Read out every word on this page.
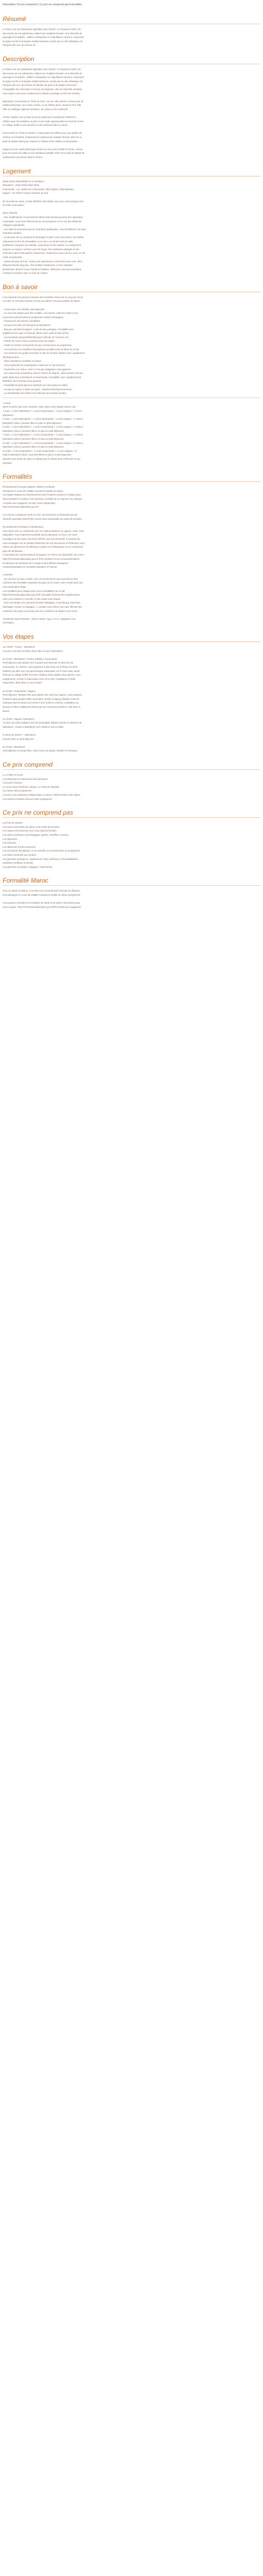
Description Ce prix comprend / Ce prix ne comprend pas Formalités
Résumé
Le Maroc est une destination agréable toute l'année. Le Royaume invite à la
découverte de son patrimoine culturel aux multiples facettes. Une diversité de
paysages incroyables : vallées verdoyantes et magnifiques canyons composent
la région du Rif et la façade méditerranéenne, tandis que la côte atlantique est
marquée par une succession de ...
Description
Le Maroc est une destination agréable toute l'année. Le Royaume invite à la
découverte de son patrimoine culturel aux multiples facettes. Une diversité de
paysages incroyables : vallées verdoyantes et magnifiques canyons composent
la région du Rif et la façade méditerranéenne, tandis que la côte atlantique est
marquée par une succession de falaises de grès et de plages immenses.
L'hospitalité des marocains n'est pas une légende, elle est culturelle, pendant
votre séjour vous serez certainement sollicité à partager un thé à la menthe.
Marrakech, surnommée la "Perle du Sud", est une ville animée connue pour sa
médina historique, ses souks colorés, et sa célèbre place Jemaa el-Fna. Elle
offre un mélange captivant d'histoire, de culture et de modernité.
Aït Ben Haddou est un ksar inscrit au patrimoine mondial de l'UNESCO,
célèbre pour ses kasbahs en pisé et son cadre spectaculaire au bord de l'oued.
Ce village fortifié a servi de décor à de nombreux films et séries.
Surnommée la "Porte du Désert", Ouarzazate est célèbre pour ses studios de
cinéma et sa kasbah, notamment la majestueuse Kasbah Taourirt. Elle est un
point de départ idéal pour explorer le Sahara et les vallées environnantes.
Zagora est une oasis pittoresque située au coeur de la vallée du Draa, connue
pour ses dunes de sable et son ambiance paisible. Elle est le point de départ de
nombreuses excursions dans le désert.
Logement
Riads (selon disponibilité et ou similaire) :
Marrakech : Riad Arabia Riad Tarka
Ouarzazate : Les Jardins de Ouarzazate, hôtel Zaghro, Riad Bankara
Zagora : Tizi Désert Camp Caravane du sud
En tout état de cause, la liste définitive des hôtels vous sera communiquée lors
de votre convocation.
INFO VERITÉ
- Des modifications concernant les hôtels sélectionnés peuvent être apportées.
Cependant, nous nous efforcerons de vous proposer en ce cas des hôtels de
catégorie équivalente.
- Les riads ne proposent pas de chambres quadruples, vous bénéficierez de deux
chambres doubles.
- Le bivouac est un campement aménagé en plein coeur des dunes, accessible
uniquement à dos de dromadaire ou en 4x4. Les tentes sont de style
traditionnel, équipées de matelas, couvertures et lits simples. Le campement
propose un espace commun pour les repas, des sanitaires partagés et une
immersion dans l'atmosphère saharienne, notamment autour du feu, sous un ciel
étoilé exceptionnel.
- Option bivouac de luxe : tentes plus spacieuses et décorées avec soin, elles
disposent de lits king size, d'un mobilier traditionnel, et d'un sanitaire
privatif avec douche à eau chaude et toilettes. Idéal pour ceux qui souhaitent
combiner l'aventure avec un luxe de confort.
Bon à savoir
Il est important de penser à acheter des bouteilles d'eau tout au long du circuit,
car elles ne sont pas incluses et l'eau du robinet n'est pas potable au Maroc.
- Circuit avec une clientèle internationale.
- Le sens des étapes peut être modifié, voir inversé, mais les visites et les
excursions prévues dans le programme restent inchangées.
- Chaussures de marche conseillées.
- Accueil à la sortie de l'aéroport de Marrakech.
- Bivouac standard à Zagora : suite de lune partagée. Possibilité avec
supplément de loger en bivouac deluxe avec salle de bain privée.
- Les transferts aéroport/hôtel/aéroport véhicule de Tourisme A/C.
- Prévoir de l'eau et de la nourriture pour les trajets.
- Visites et entrées monuments tel que mentionnées au programme.
- Les services d'un chauffeur francophone pendant toute la durée du circuit.
- Les services d'un guide local dans la ville de Aït Ben Haddou avec supplément :
3EUR/personne.
- Notre assistance complète sur place.
- Circuit garantie de 2 participants, maximum 17 par mini-bus.
- Pourboires non inclus, celui-ci n'est pas obligatoire mais apprécié.
- Les repas selon programme dans le désert de Zagora : demi-pension incluse,
petits déjeuners à Marrakech et Ouarzazate. Possibilité, avec supplément de
bénéficier de la formule demi-pension.
- Possibilité de petit déjeuner matinale (sur réservation la veille).
- La taxe de séjour à régler sur place : 2EUR/3-3EUR/personne/nuit.
- La classification des hôtels est conforme aux normes locales.
A savoir
Selon la durée que vous choisirez, votre séjour sera réparti comme suit :
4 nuits : 1 nuit à Marrakech + 1 nuit à Ouarzazate + 1 nuit à Zagora + 1 nuit à
Marrakech
5 nuits : 1 nuit à Marrakech + 1 nuit à Ouarzazate + 1 nuit à Zagora + 2 nuits à
Marrakech (dont 1 journée libre en plus en petit déjeuner)
6 nuits : 1 nuit à Marrakech + 1 nuit à Ouarzazate + 1 nuit à Zagora + 3 nuits à
Marrakech (dont 2 journées libres en plus en petit déjeuner)
7 nuits : 1 nuit à Marrakech + 1 nuit à Ouarzazate + 1 nuit à Zagora + 4 nuits à
Marrakech (dont 3 journées libres en plus en petit déjeuner)
9 nuits : 1 nuit à Marrakech + 1 nuit à Ouarzazate + 1 nuit à Zagora + 6 nuits à
Marrakech (dont 5 journées libres en plus en petit déjeuner)
11 nuits : 1 nuit à Marrakech + 1 nuit à Ouarzazate + 1 nuit à Zagora + 8
nuits à Marrakech (dont 7 journées libres en plus en petit déjeuner)
Suivant votre durée de séjour le départ pour le désert peut s'effectuer le jour
2/3/4/5/6
Formalités
Ressortissants français (adultes, bébés et enfants) :
Passeport en cours de validité couvrant la totalité du séjour.
Les règles relatives au franchissement des frontières propres à chaque pays
étant amenées à évoluer, il est vivement conseillé de se reporter à la rubrique
"conseils aux voyageurs" du site France Diplomatie,
http://XXXXwww.diplomatie.gouv.fr/.
Les mineurs voyageant seuls ou avec une personne ne disposant pas de
l'autorité parentale doivent être munis d'une autorisation de sortie de territoire.
Ressortissants étrangers et binationaux :
Vous devez être en conformité avec les réglementations en vigueur, selon votre
nationalité. Il est notamment possible qu'un passeport, un visa, une carte
touristique ou tout autre document officiel vous soit demandé. Il convient de
vous renseigner sur les détails d'obtention de ces documents et d'effectuer vous-
même vos démarches de délivrance auprès de l'ambassade ou du consulat du
pays de destination.
L'ensemble des représentations étrangères en France est disponible via ce lien :
http://XXXXwww.diplomatie.gouv.fr /fr/le-ministere-et-son-reseau/annuaires-
et-adresses-du-ministere-de-l-europe-et-des-affaires-etrangeres-
meae/ambassades-et-consulats-etrangers-en-france/
A NOTER
- En cas d'un vol avec escale, vous vous informerez que vous devrez être
conforme des formalités sanitaires du pays où se trouve votre escale ainsi que
votre destination finale.
Les modalités pour chaque pays sont consultables sur le site
http://XXXXwww.diplomatie.gouv.fr/fr/ (actualité évoluant très régulièrement,
nous vous invitons à consulter ce lien avant votre départ.
- Pour tout départ d'un aéroport frontalier (Belgique, Luxembourg, Pays-Bas,
Allemagne, Suisse ou Espagne...), veuillez vous référer aux sites officiels des
ministères des pays concernés pour les conditions de départ et de retour.
COURANT ELECTRIQUE : 220V et 50Hz, Type C et E. Adaptateur non
nécessaire.
Vos étapes
1er JOUR : France - Marrakech
Accueil et transfert à l'hôtel. Dîner libre et nuit à Marrakech.
2e JOUR : Marrakech / Aït Ben Haddou / Ouarzazate
Petit-déjeuner puis départ vers le grand sud marocain en direction de
Ouarzazate. En chemin, vous passerez le plus haut col d'Afrique du Nord
(2260m) qui offre une vue panoramique saisissante sur le Haut Atlas, avant
d'arriver au village fortifié d'Aït Ben Haddou (visite guidée francophone, avec
supplément). Arrivée à Ouarzazate entre 15 et 16h. Installation à l'hôtel.
Temps libre, dîner libre et nuit à l'hôtel.
3e JOUR : Ouarzazate / Zagora
Petit-déjeuner. Matinée libre puis départ vers 16h pour Zagora. Vous longerez
ensuite la plus grande Oasis marocaine, arrivée à Zagora (balade à dos de
chameau dans le désert au moment où le soleil se couche). Installation au
bivouac et dîner traditionnel animé par des musiciens berbères. Nuit dans le
désert.
4e JOUR : Zagora / Marrakech
Au lever du soleil, balade à dos de dromadaire Départ ensuite en direction de
Marrakech. Arrivée à Marrakech vers 19h30 et nuit en Riad.
5 JOUR au JOUR 7 : Marrakech
Journée libre en petit déjeuner.
8e JOUR : Marrakech
Petit-déjeuner et temps libre, selon heure de départ, transfert à l'aéroport.
Ce prix comprend
Le vol aller et retour.
Le forfait taxes et redevances des aéroports.
L'accueil à l'arrivée.
Le circuit selon l'itinéraire indiqué, en véhicule climatisé.
Les repas selon programme.
L'accès à une assistance téléphonique au Maroc 24h/24 durant votre séjour.
Les entrées et visites prévues selon programme.
Ce prix ne comprend pas
Les frais de dossier.
Les taxes éventuelles de séjour et de sortie du territoire.
Les repas et les boissons non inclus dans la formule.
Les divers pourboires (sont bagages, guides, chauffeur, service).
Les déjeuners.
Les boissons.
Les dépenses d'ordre personnel
Les excursions facultatives, et les activités non mentionnées au programme.
Les repas éventuels aux escales.
Les garanties assistance, rapatriement, frais médicaux et d'hospitalisation,
assistance juridique et pénale.
Les garanties annulation, bagages, retard aérien.
Formalité Maroc
Pour un séjour au Maroc, il convient aux ressortissants français de disposer
d'un passeport en cours de validité couvrant la totalité du séjour programmé.
Vous pouvez consulter les formalités de santé et de police nécessaires pour
votre voyage : http://XXXXwww.diplomatie.gouv.fr/fr/conseils-aux-voyageurs/
